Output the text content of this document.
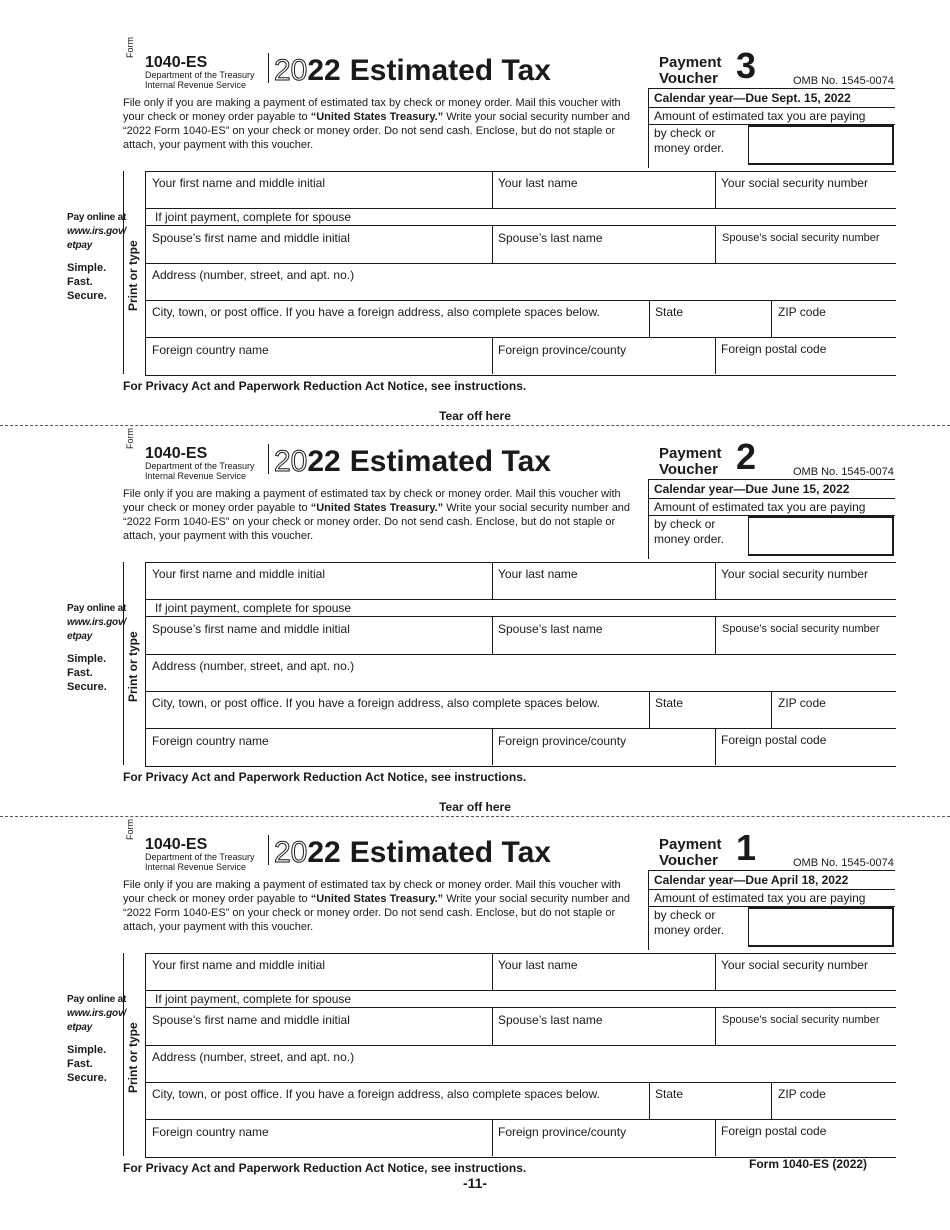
Form
1040-ES
Department of the Treasury
Internal Revenue Service 2022 Estimated Tax	Payment
Voucher 3	OMB No. 1545-0074
File only if you are making a payment of estimated tax by check or money order. Mail this voucher with your check or money order payable to “United States Treasury.” Write your social security number and “2022 Form 1040-ES” on your check or money order. Do not send cash. Enclose, but do not staple or attach, your payment with this voucher.
Calendar year—Due Sept. 15, 2022
Amount of estimated tax you are paying
by check or
money order.
Pay online at
www.irs.gov/
etpay
Simple.
Fast.
Secure. Print or type
Your first name and middle initial	Your last name	Your social security number
If joint payment, complete for spouse
Spouse’s first name and middle initial	Spouse’s last name	Spouse’s social security number
Address (number, street, and apt. no.)
City, town, or post office. If you have a foreign address, also complete spaces below.	State	ZIP code
Foreign country name	Foreign province/county	Foreign postal code
For Privacy Act and Paperwork Reduction Act Notice, see instructions.
Tear off here
Form
1040-ES
Department of the Treasury
Internal Revenue Service 2022 Estimated Tax	Payment
Voucher 2	OMB No. 1545-0074
File only if you are making a payment of estimated tax by check or money order. Mail this voucher with your check or money order payable to “United States Treasury.” Write your social security number and “2022 Form 1040-ES” on your check or money order. Do not send cash. Enclose, but do not staple or attach, your payment with this voucher.
Calendar year—Due June 15, 2022
Amount of estimated tax you are paying
by check or
money order.
Pay online at
www.irs.gov/
etpay
Simple.
Fast.
Secure. Print or type
Your first name and middle initial	Your last name	Your social security number
If joint payment, complete for spouse
Spouse’s first name and middle initial	Spouse’s last name	Spouse’s social security number
Address (number, street, and apt. no.)
City, town, or post office. If you have a foreign address, also complete spaces below.	State	ZIP code
Foreign country name	Foreign province/county	Foreign postal code
For Privacy Act and Paperwork Reduction Act Notice, see instructions.
Tear off here
Form
1040-ES
Department of the Treasury
Internal Revenue Service 2022 Estimated Tax	Payment
Voucher 1	OMB No. 1545-0074
File only if you are making a payment of estimated tax by check or money order. Mail this voucher with your check or money order payable to “United States Treasury.” Write your social security number and “2022 Form 1040-ES” on your check or money order. Do not send cash. Enclose, but do not staple or attach, your payment with this voucher.
Calendar year—Due April 18, 2022
Amount of estimated tax you are paying
by check or
money order.
Pay online at
www.irs.gov/
etpay
Simple.
Fast.
Secure. Print or type
Your first name and middle initial	Your last name	Your social security number
If joint payment, complete for spouse
Spouse’s first name and middle initial	Spouse’s last name	Spouse’s social security number
Address (number, street, and apt. no.)
City, town, or post office. If you have a foreign address, also complete spaces below.	State	ZIP code
Foreign country name	Foreign province/county	Foreign postal code
For Privacy Act and Paperwork Reduction Act Notice, see instructions.	Form 1040-ES (2022)
-11-
